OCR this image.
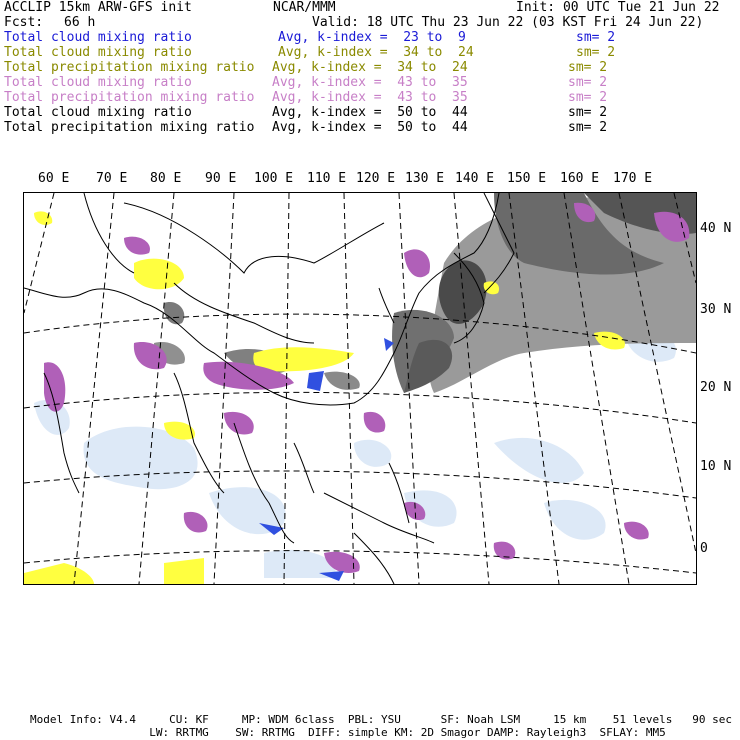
ACCLIP 15km ARW-GFS init	NCAR/MMM	Init: 00 UTC Tue 21 Jun 22
Fcst: 66 h	Valid: 18 UTC Thu 23 Jun 22 (03 KST Fri 24 Jun 22)
Total cloud mixing ratio	Avg, k-index =  23 to  9	sm= 2
Total cloud mixing ratio	Avg, k-index =  34 to  24	sm= 2
Total precipitation mixing ratio Avg, k-index =  34 to  24	sm= 2
Total cloud mixing ratio	Avg, k-index =  43 to  35	sm= 2
Total precipitation mixing ratio Avg, k-index =  43 to  35	sm= 2
Total cloud mixing ratio	Avg, k-index =  50 to  44	sm= 2
Total precipitation mixing ratio Avg, k-index =  50 to  44	sm= 2
60 E 70 E 80 E 90 E 100 E 110 E 120 E 130 E 140 E 150 E 160 E 170 E
40 N
30 N
20 N
10 N
0
Model Info: V4.4     CU: KF     MP: WDM 6class  PBL: YSU      SF: Noah LSM     15 km    51 levels   90 sec
LW: RRTMG    SW: RRTMG  DIFF: simple KM: 2D Smagor DAMP: Rayleigh3  SFLAY: MM5
